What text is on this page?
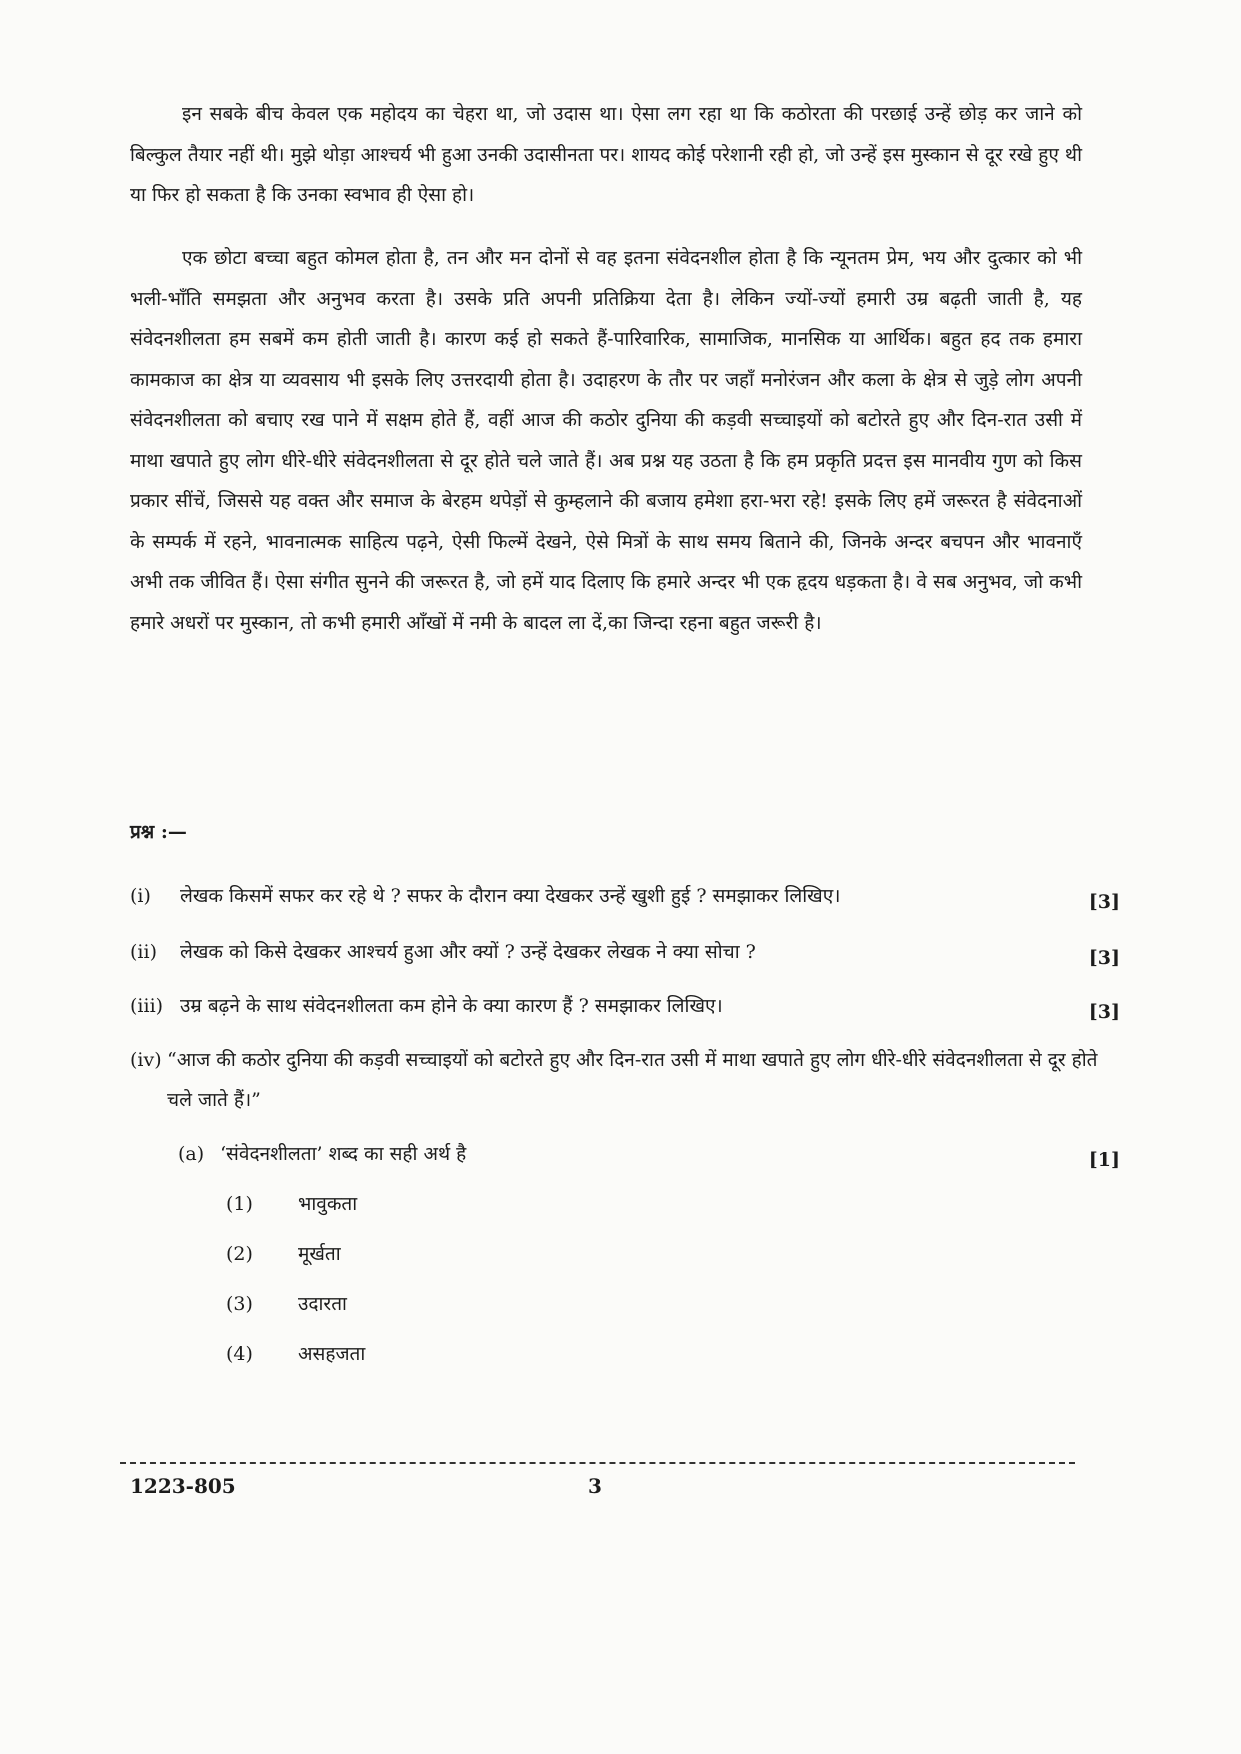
इन सबके बीच केवल एक महोदय का चेहरा था, जो उदास था। ऐसा लग रहा था कि कठोरता की परछाई उन्हें छोड़ कर जाने को बिल्कुल तैयार नहीं थी। मुझे थोड़ा आश्चर्य भी हुआ उनकी उदासीनता पर। शायद कोई परेशानी रही हो, जो उन्हें इस मुस्कान से दूर रखे हुए थी या फिर हो सकता है कि उनका स्वभाव ही ऐसा हो।

एक छोटा बच्चा बहुत कोमल होता है, तन और मन दोनों से वह इतना संवेदनशील होता है कि न्यूनतम प्रेम, भय और दुत्कार को भी भली-भाँति समझता और अनुभव करता है। उसके प्रति अपनी प्रतिक्रिया देता है। लेकिन ज्यों-ज्यों हमारी उम्र बढ़ती जाती है, यह संवेदनशीलता हम सबमें कम होती जाती है। कारण कई हो सकते हैं-पारिवारिक, सामाजिक, मानसिक या आर्थिक। बहुत हद तक हमारा कामकाज का क्षेत्र या व्यवसाय भी इसके लिए उत्तरदायी होता है। उदाहरण के तौर पर जहाँ मनोरंजन और कला के क्षेत्र से जुड़े लोग अपनी संवेदनशीलता को बचाए रख पाने में सक्षम होते हैं, वहीं आज की कठोर दुनिया की कड़वी सच्चाइयों को बटोरते हुए और दिन-रात उसी में माथा खपाते हुए लोग धीरे-धीरे संवेदनशीलता से दूर होते चले जाते हैं। अब प्रश्न यह उठता है कि हम प्रकृति प्रदत्त इस मानवीय गुण को किस प्रकार सींचें, जिससे यह वक्त और समाज के बेरहम थपेड़ों से कुम्हलाने की बजाय हमेशा हरा-भरा रहे! इसके लिए हमें जरूरत है संवेदनाओं के सम्पर्क में रहने, भावनात्मक साहित्य पढ़ने, ऐसी फिल्में देखने, ऐसे मित्रों के साथ समय बिताने की, जिनके अन्दर बचपन और भावनाएँ अभी तक जीवित हैं। ऐसा संगीत सुनने की जरूरत है, जो हमें याद दिलाए कि हमारे अन्दर भी एक हृदय धड़कता है। वे सब अनुभव, जो कभी हमारे अधरों पर मुस्कान, तो कभी हमारी आँखों में नमी के बादल ला दें,का जिन्दा रहना बहुत जरूरी है।

प्रश्न :—

(i) लेखक किसमें सफर कर रहे थे ? सफर के दौरान क्या देखकर उन्हें खुशी हुई ? समझाकर लिखिए।	[3]
(ii) लेखक को किसे देखकर आश्चर्य हुआ और क्यों ? उन्हें देखकर लेखक ने क्या सोचा ?	[3]
(iii) उम्र बढ़ने के साथ संवेदनशीलता कम होने के क्या कारण हैं ? समझाकर लिखिए।	[3]
(iv) “आज की कठोर दुनिया की कड़वी सच्चाइयों को बटोरते हुए और दिन-रात उसी में माथा खपाते हुए लोग धीरे-धीरे संवेदनशीलता से दूर होते चले जाते हैं।”
(a) ‘संवेदनशीलता’ शब्द का सही अर्थ है	[1]
(1) भावुकता
(2) मूर्खता
(3) उदारता
(4) असहजता
1223-805	3
